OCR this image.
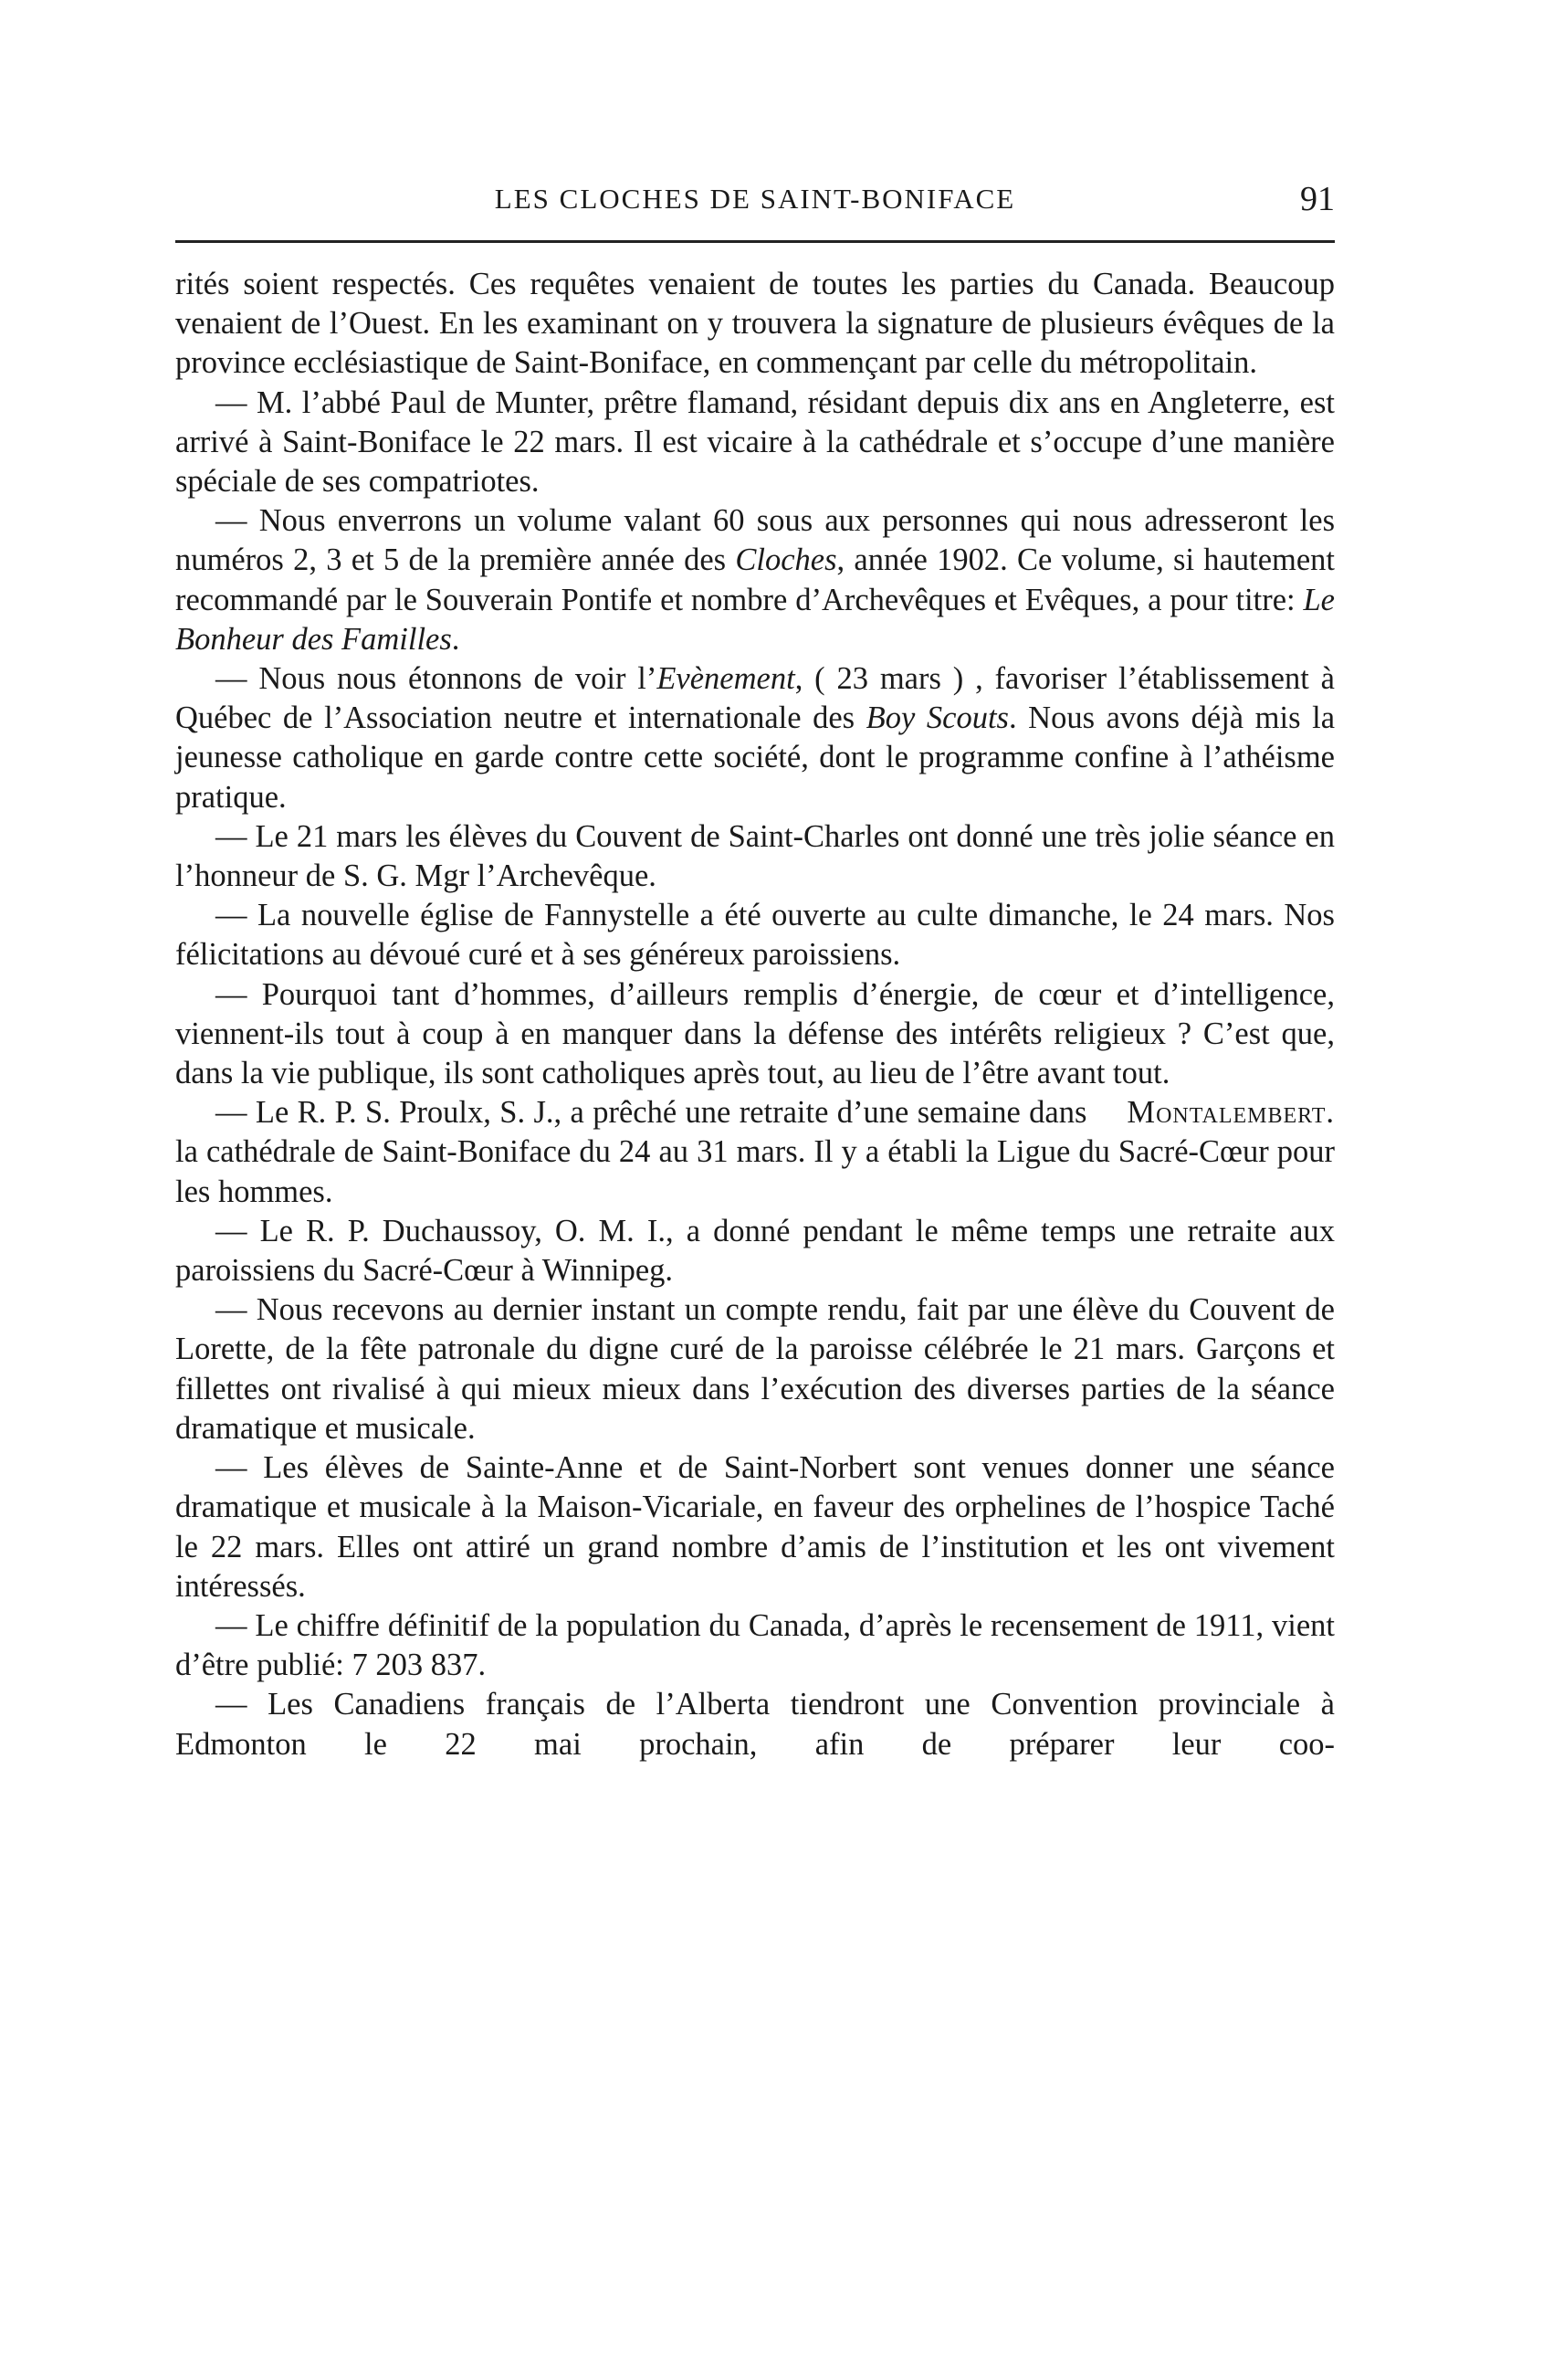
LES CLOCHES DE SAINT-BONIFACE	91

rités soient respectés. Ces requêtes venaient de toutes les parties du Canada. Beaucoup venaient de l’Ouest. En les examinant on y trouvera la signature de plusieurs évêques de la province ecclésiastique de Saint-Boniface, en commençant par celle du métropolitain.

— M. l’abbé Paul de Munter, prêtre flamand, résidant depuis dix ans en Angleterre, est arrivé à Saint-Boniface le 22 mars. Il est vicaire à la cathédrale et s’occupe d’une manière spéciale de ses compatriotes.

— Nous enverrons un volume valant 60 sous aux personnes qui nous adresseront les numéros 2, 3 et 5 de la première année des Cloches, année 1902. Ce volume, si hautement recommandé par le Souverain Pontife et nombre d’Archevêques et Evêques, a pour titre: Le Bonheur des Familles.

— Nous nous étonnons de voir l’Evènement, ( 23 mars ) , favoriser l’établissement à Québec de l’Association neutre et internationale des Boy Scouts. Nous avons déjà mis la jeunesse catholique en garde contre cette société, dont le programme confine à l’athéisme pratique.

— Le 21 mars les élèves du Couvent de Saint-Charles ont donné une très jolie séance en l’honneur de S. G. Mgr l’Archevêque.

— La nouvelle église de Fannystelle a été ouverte au culte dimanche, le 24 mars. Nos félicitations au dévoué curé et à ses généreux paroissiens.

— Pourquoi tant d’hommes, d’ailleurs remplis d’énergie, de cœur et d’intelligence, viennent-ils tout à coup à en manquer dans la défense des intérêts religieux ? C’est que, dans la vie publique, ils sont catholiques après tout, au lieu de l’être avant tout.
Montalembert.

— Le R. P. S. Proulx, S. J., a prêché une retraite d’une semaine dans la cathédrale de Saint-Boniface du 24 au 31 mars. Il y a établi la Ligue du Sacré-Cœur pour les hommes.

— Le R. P. Duchaussoy, O. M. I., a donné pendant le même temps une retraite aux paroissiens du Sacré-Cœur à Winnipeg.

— Nous recevons au dernier instant un compte rendu, fait par une élève du Couvent de Lorette, de la fête patronale du digne curé de la paroisse célébrée le 21 mars. Garçons et fillettes ont rivalisé à qui mieux mieux dans l’exécution des diverses parties de la séance dramatique et musicale.

— Les élèves de Sainte-Anne et de Saint-Norbert sont venues donner une séance dramatique et musicale à la Maison-Vicariale, en faveur des orphelines de l’hospice Taché le 22 mars. Elles ont attiré un grand nombre d’amis de l’institution et les ont vivement intéressés.

— Le chiffre définitif de la population du Canada, d’après le recensement de 1911, vient d’être publié: 7 203 837.

— Les Canadiens français de l’Alberta tiendront une Convention provinciale à Edmonton le 22 mai prochain, afin de préparer leur coo-
